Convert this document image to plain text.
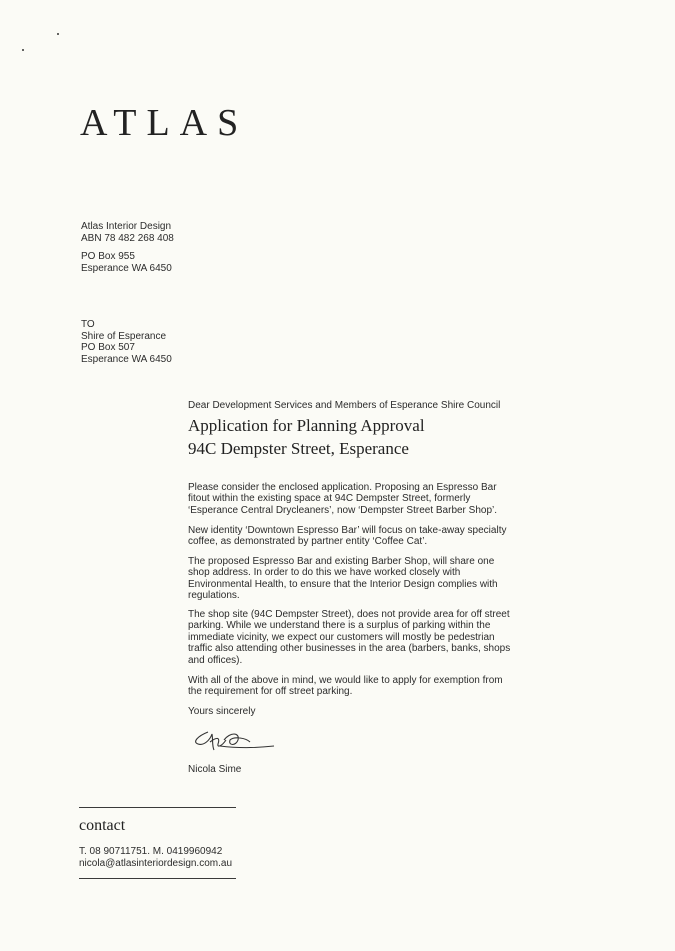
ATLAS
Atlas Interior Design
ABN 78 482 268 408
PO Box 955
Esperance WA 6450
TO
Shire of Esperance
PO Box 507
Esperance WA 6450
Dear Development Services and Members of Esperance Shire Council
Application for Planning Approval
94C Dempster Street, Esperance

Please consider the enclosed application. Proposing an Espresso Bar fitout within the existing space at 94C Dempster Street, formerly ‘Esperance Central Drycleaners’, now ‘Dempster Street Barber Shop’.

New identity ‘Downtown Espresso Bar’ will focus on take-away specialty coffee, as demonstrated by partner entity ‘Coffee Cat’.

The proposed Espresso Bar and existing Barber Shop, will share one shop address. In order to do this we have worked closely with Environmental Health, to ensure that the Interior Design complies with regulations.

The shop site (94C Dempster Street), does not provide area for off street parking. While we understand there is a surplus of parking within the immediate vicinity, we expect our customers will mostly be pedestrian traffic also attending other businesses in the area (barbers, banks, shops and offices).

With all of the above in mind, we would like to apply for exemption from the requirement for off street parking.

Yours sincerely
Nicola Sime
contact
T. 08 90711751. M. 0419960942
nicola@atlasinteriordesign.com.au
